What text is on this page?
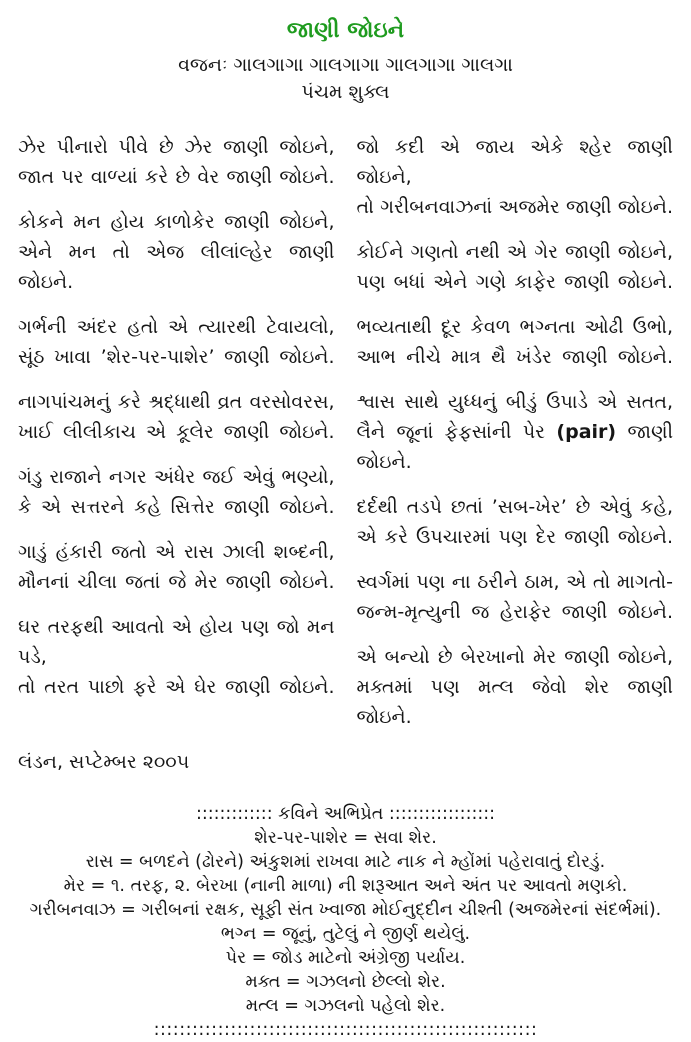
જાણી જોઇને

વજનઃ ગાલગાગા ગાલગાગા ગાલગાગા ગાલગા

પંચમ શુક્લ

ઝેર પીનારો પીવે છે ઝેર જાણી જોઇને,

જાત પર વાળ્યાં કરે છે વેર જાણી જોઇને.

કોકને મન હોય કાળોકેર જાણી જોઇને,

એને મન તો એજ લીલાંલ્હેર જાણી જોઇને.

ગર્ભની અંદર હતો એ ત્યારથી ટેવાયલો,

સૂંઠ ખાવા ’શેર-પર-પાશેર’ જાણી જોઇને.

નાગપાંચમનું કરે શ્રદ્ધાથી વ્રત વરસોવરસ,

ખાઈ લીલીકાચ એ કૂલેર જાણી જોઇને.

ગંડુ રાજાને નગર અંધેર જઈ એવું ભણ્યો,

કે એ સત્તરને કહે સિત્તેર જાણી જોઇને.

ગાડું હંકારી જતો એ રાસ ઝાલી શબ્દની,

મૌનનાં ચીલા જતાં જે મેર જાણી જોઇને.

ઘર તરફથી આવતો એ હોય પણ જો મન પડે,

તો તરત પાછો ફરે એ ઘેર જાણી જોઇને.

જો કદી એ જાય એકે શ્હેર જાણી જોઇને,

તો ગરીબનવાઝનાં અજમેર જાણી જોઇને.

કોઈને ગણતો નથી એ ગેર જાણી જોઇને,

પણ બધાં એને ગણે કાફેર જાણી જોઇને.

ભવ્યતાથી દૂર કેવળ ભગ્નતા ઓઢી ઉભો,

આભ નીચે માત્ર થૈ ખંડેર જાણી જોઇને.

શ્વાસ સાથે યુધ્ધનું બીડું ઉપાડે એ સતત,

લૈને જૂનાં ફેફસાંની પેર (pair) જાણી જોઇને.

દર્દથી તડપે છતાં ’સબ-ખેર’ છે એવું કહે,

એ કરે ઉપચારમાં પણ દેર જાણી જોઇને.

સ્વર્ગમાં પણ ના ઠરીને ઠામ, એ તો માગતો-

જન્મ-મૃત્યુની જ હેરાફેર જાણી જોઇને.

એ બન્યો છે બેરખાનો મેર જાણી જોઇને,

મક્તમાં પણ મત્લ જેવો શેર જાણી જોઇને.

લંડન, સપ્ટેમ્બર ૨૦૦૫

::::::::::::: કવિને અભિપ્રેત ::::::::::::::::::

શેર-પર-પાશેર = સવા શેર.

રાસ = બળદને (ઢોરને) અંકુશમાં રાખવા માટે નાક ને મ્હોંમાં પહેરાવાતું દોરડું.

મેર = ૧. તરફ, ૨. બેરખા (નાની માળા) ની શરૂઆત અને અંત પર આવતો મણકો.

ગરીબનવાઝ = ગરીબનાં રક્ષક, સૂફી સંત ખ્વાજા મોઈનુદ્દીન ચીશ્તી (અજમેરનાં સંદર્ભમાં).

ભગ્ન = જૂનું, તુટેલું ને જીર્ણ થયેલું.

પેર = જોડ માટેનો અંગ્રેજી પર્યાય.

મક્ત = ગઝલનો છેલ્લો શેર.

મત્લ = ગઝલનો પહેલો શેર.

::::::::::::::::::::::::::::::::::::::::::::::::::::::::::::
